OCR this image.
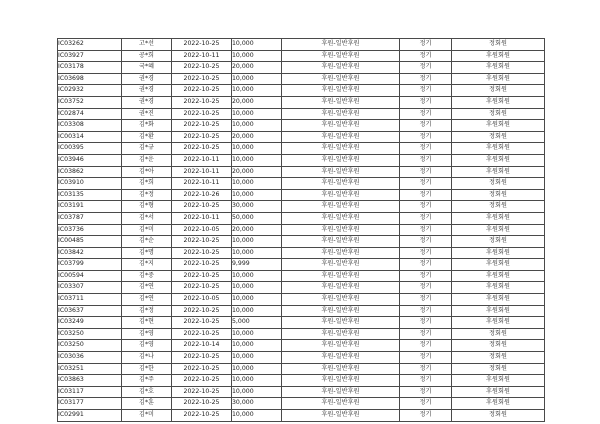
IC03262	고*선	2022-10-25	10,000	후원-일반후원	정기	정회원
IC03927	공*희	2022-10-11	10,000	후원-일반후원	정기	후원회원
IC03178	국*혜	2022-10-25	20,000	후원-일반후원	정기	후원회원
IC03698	권*경	2022-10-25	10,000	후원-일반후원	정기	후원회원
IC02932	권*경	2022-10-25	10,000	후원-일반후원	정기	정회원
IC03752	권*경	2022-10-25	20,000	후원-일반후원	정기	후원회원
IC02874	권*진	2022-10-25	10,000	후원-일반후원	정기	정회원
IC03308	김*화	2022-10-25	10,000	후원-일반후원	정기	후원회원
IC00314	김*환	2022-10-25	20,000	후원-일반후원	정기	정회원
IC00395	김*규	2022-10-25	10,000	후원-일반후원	정기	후원회원
IC03946	김*운	2022-10-11	10,000	후원-일반후원	정기	후원회원
IC03862	김*아	2022-10-11	20,000	후원-일반후원	정기	후원회원
IC03910	김*희	2022-10-11	10,000	후원-일반후원	정기	정회원
IC03135	김*정	2022-10-26	10,000	후원-일반후원	정기	정회원
IC03191	김*형	2022-10-25	30,000	후원-일반후원	정기	정회원
IC03787	김*서	2022-10-11	50,000	후원-일반후원	정기	후원회원
IC03736	김*미	2022-10-05	20,000	후원-일반후원	정기	후원회원
IC00485	김*순	2022-10-25	10,000	후원-일반후원	정기	정회원
IC03842	김*명	2022-10-25	10,000	후원-일반후원	정기	후원회원
IC03799	김*지	2022-10-25	9,999	후원-일반후원	정기	후원회원
IC00594	김*중	2022-10-25	10,000	후원-일반후원	정기	후원회원
IC03307	김*연	2022-10-25	10,000	후원-일반후원	정기	후원회원
IC03711	김*연	2022-10-05	10,000	후원-일반후원	정기	후원회원
IC03637	김*정	2022-10-25	10,000	후원-일반후원	정기	후원회원
IC03249	김*현	2022-10-25	5,000	후원-일반후원	정기	후원회원
IC03250	김*영	2022-10-25	10,000	후원-일반후원	정기	정회원
IC03250	김*영	2022-10-14	10,000	후원-일반후원	정기	정회원
IC03036	김*나	2022-10-25	10,000	후원-일반후원	정기	정회원
IC03251	김*한	2022-10-25	10,000	후원-일반후원	정기	정회원
IC03863	김*주	2022-10-25	10,000	후원-일반후원	정기	후원회원
IC03117	김*호	2022-10-25	10,000	후원-일반후원	정기	후원회원
IC03177	김*훈	2022-10-25	30,000	후원-일반후원	정기	후원회원
IC02991	김*미	2022-10-25	10,000	후원-일반후원	정기	정회원
